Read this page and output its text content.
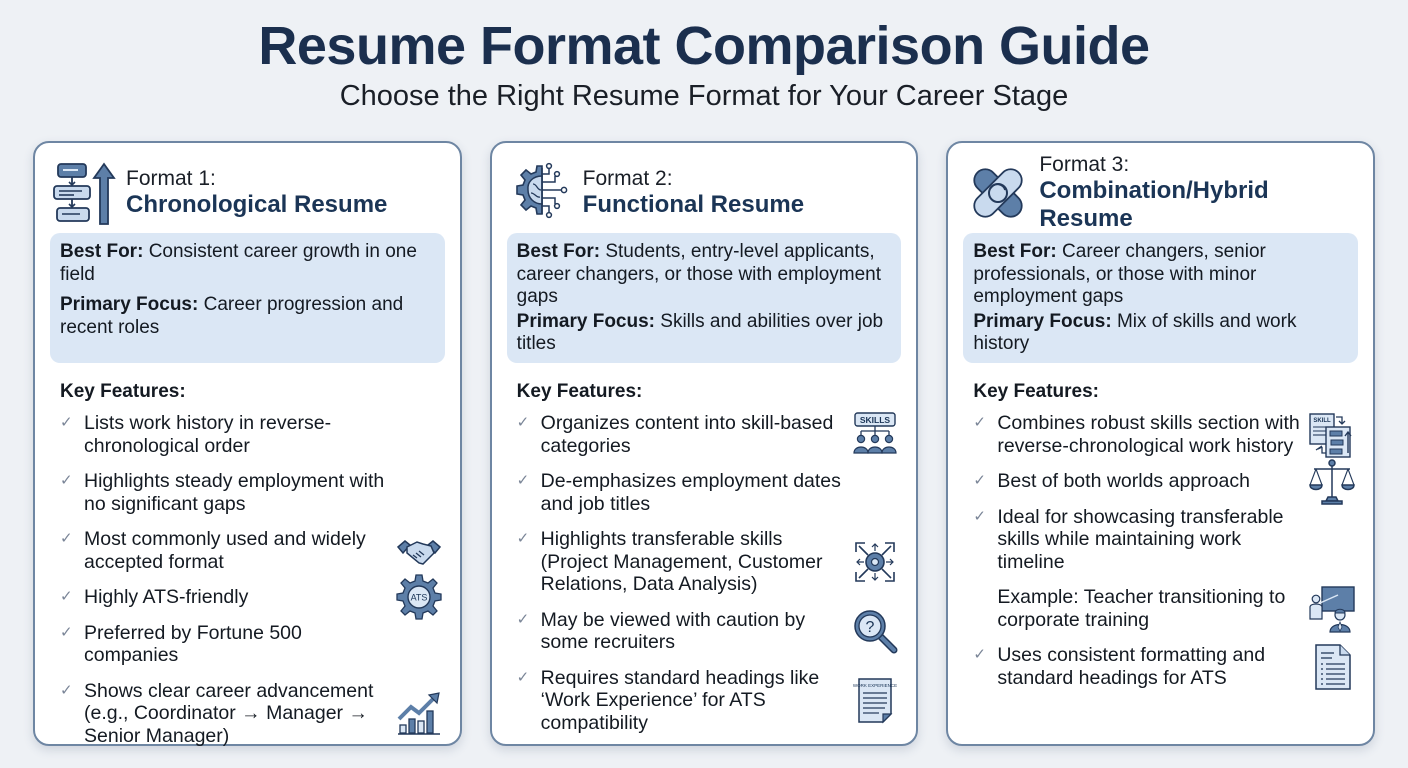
Resume Format Comparison Guide
Choose the Right Resume Format for Your Career Stage
Format 1:
Chronological Resume
Best For: Consistent career growth in one field
Primary Focus: Career progression and recent roles
Key Features:
✓ Lists work history in reverse-chronological order
✓ Highlights steady employment with no significant gaps
✓ Most commonly used and widely accepted format
✓ Highly ATS-friendly	ATS
✓ Preferred by Fortune 500 companies
✓ Shows clear career advancement (e.g., Coordinator → Manager → Senior Manager)
Format 2:
Functional Resume
Best For: Students, entry-level applicants, career changers, or those with employment gaps
Primary Focus: Skills and abilities over job titles
Key Features:
✓ Organizes content into skill-based categories
SKILLS
✓ De-emphasizes employment dates and job titles
✓ Highlights transferable skills (Project Management, Customer Relations, Data Analysis)
✓ May be viewed with caution by some recruiters
?
✓ Requires standard headings like ‘Work Experience’ for ATS compatibility
WORK EXPERIENCE
Format 3:
Combination/Hybrid Resume
Best For: Career changers, senior professionals, or those with minor employment gaps
Primary Focus: Mix of skills and work history
Key Features:
✓ Combines robust skills section with reverse-chronological work history
SKILL
✓ Best of both worlds approach
✓ Ideal for showcasing transferable skills while maintaining work timeline
Example: Teacher transitioning to corporate training
✓ Uses consistent formatting and standard headings for ATS
